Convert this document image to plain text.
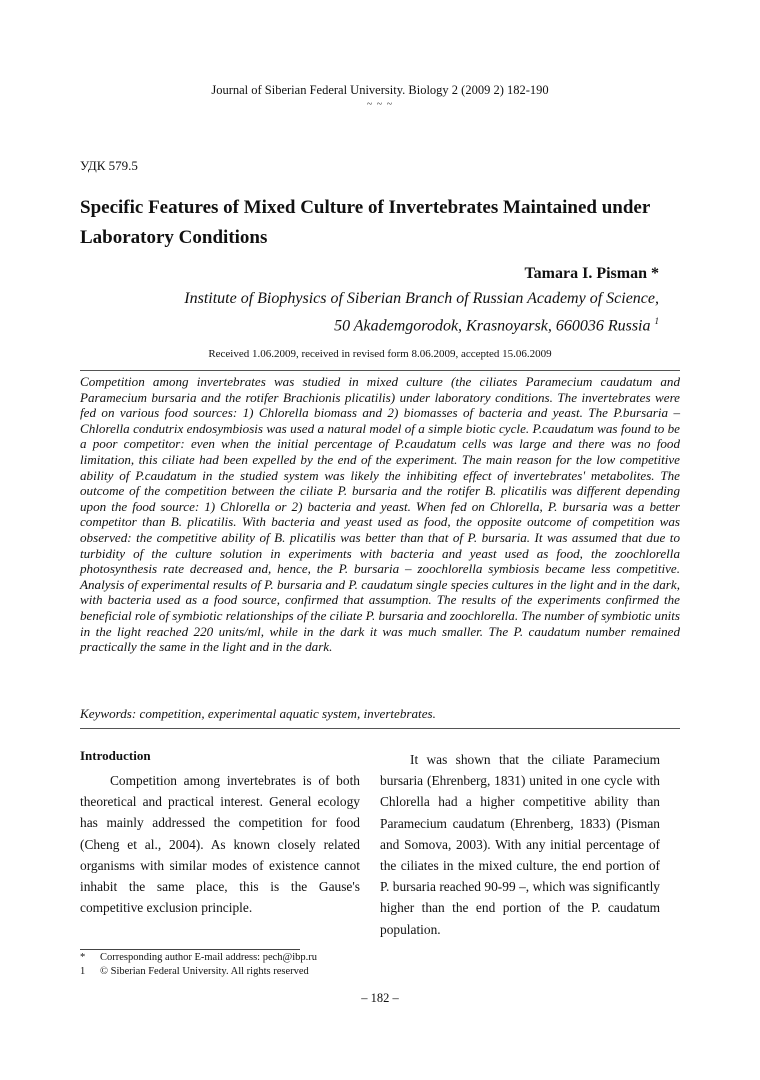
Journal of Siberian Federal University. Biology 2 (2009 2) 182-190
~ ~ ~
УДК 579.5
Specific Features of Mixed Culture of Invertebrates Maintained under Laboratory Conditions
Tamara I. Pisman *
Institute of Biophysics of Siberian Branch of Russian Academy of Science,
50 Akademgorodok, Krasnoyarsk, 660036 Russia $^1$
Received 1.06.2009, received in revised form 8.06.2009, accepted 15.06.2009
Competition among invertebrates was studied in mixed culture (the ciliates Paramecium caudatum and Paramecium bursaria and the rotifer Brachionis plicatilis) under laboratory conditions. The invertebrates were fed on various food sources: 1) Chlorella biomass and 2) biomasses of bacteria and yeast. The P.bursaria – Chlorella condutrix endosymbiosis was used a natural model of a simple biotic cycle. P.caudatum was found to be a poor competitor: even when the initial percentage of P.caudatum cells was large and there was no food limitation, this ciliate had been expelled by the end of the experiment. The main reason for the low competitive ability of P.caudatum in the studied system was likely the inhibiting effect of invertebrates' metabolites. The outcome of the competition between the ciliate P. bursaria and the rotifer B. plicatilis was different depending upon the food source: 1) Chlorella or 2) bacteria and yeast. When fed on Chlorella, P. bursaria was a better competitor than B. plicatilis. With bacteria and yeast used as food, the opposite outcome of competition was observed: the competitive ability of B. plicatilis was better than that of P. bursaria. It was assumed that due to turbidity of the culture solution in experiments with bacteria and yeast used as food, the zoochlorella photosynthesis rate decreased and, hence, the P. bursaria – zoochlorella symbiosis became less competitive. Analysis of experimental results of P. bursaria and P. caudatum single species cultures in the light and in the dark, with bacteria used as a food source, confirmed that assumption. The results of the experiments confirmed the beneficial role of symbiotic relationships of the ciliate P. bursaria and zoochlorella. The number of symbiotic units in the light reached 220 units/ml, while in the dark it was much smaller. The P. caudatum number remained practically the same in the light and in the dark.
Keywords: competition, experimental aquatic system, invertebrates.
Introduction

Competition among invertebrates is of both theoretical and practical interest. General ecology has mainly addressed the competition for food (Cheng et al., 2004). As known closely related organisms with similar modes of existence cannot inhabit the same place, this is the Gause's competitive exclusion principle.

It was shown that the ciliate Paramecium bursaria (Ehrenberg, 1831) united in one cycle with Chlorella had a higher competitive ability than Paramecium caudatum (Ehrenberg, 1833) (Pisman and Somova, 2003). With any initial percentage of the ciliates in the mixed culture, the end portion of P. bursaria reached 90-99 –, which was significantly higher than the end portion of the P. caudatum population.

* Corresponding author E-mail address: pech@ibp.ru
1 © Siberian Federal University. All rights reserved
– 182 –
